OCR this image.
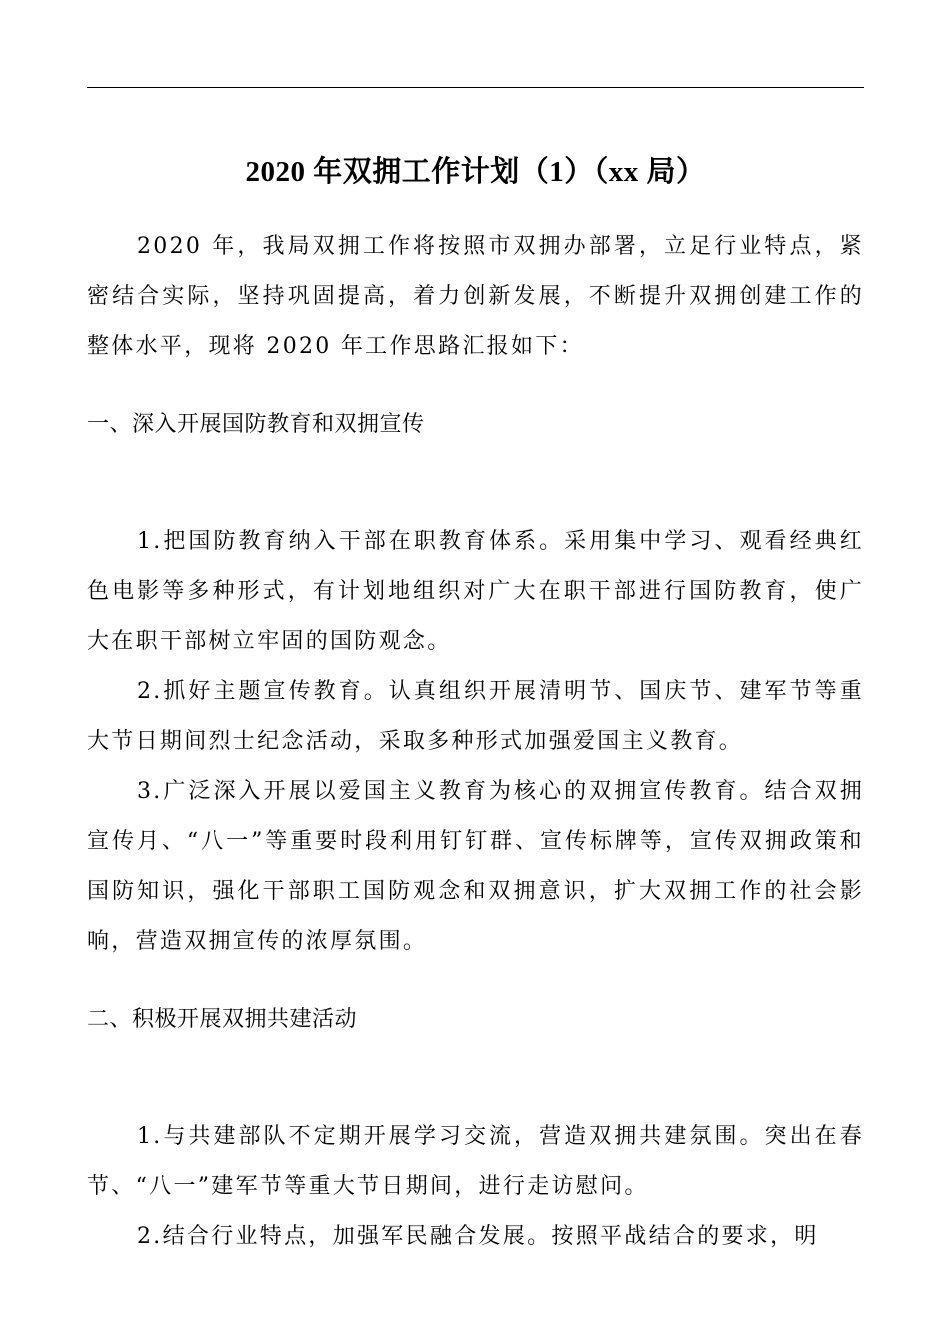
2020 年双拥工作计划（1）（xx 局）

2020 年，我局双拥工作将按照市双拥办部署，立足行业特点，紧密结合实际，坚持巩固提高，着力创新发展，不断提升双拥创建工作的整体水平，现将 2020 年工作思路汇报如下：

一、深入开展国防教育和双拥宣传

1.把国防教育纳入干部在职教育体系。采用集中学习、观看经典红色电影等多种形式，有计划地组织对广大在职干部进行国防教育，使广大在职干部树立牢固的国防观念。

2.抓好主题宣传教育。认真组织开展清明节、国庆节、建军节等重大节日期间烈士纪念活动，采取多种形式加强爱国主义教育。

3.广泛深入开展以爱国主义教育为核心的双拥宣传教育。结合双拥宣传月、“八一”等重要时段利用钉钉群、宣传标牌等，宣传双拥政策和国防知识，强化干部职工国防观念和双拥意识，扩大双拥工作的社会影响，营造双拥宣传的浓厚氛围。

二、积极开展双拥共建活动

1.与共建部队不定期开展学习交流，营造双拥共建氛围。突出在春节、“八一”建军节等重大节日期间，进行走访慰问。

2.结合行业特点，加强军民融合发展。按照平战结合的要求，明
